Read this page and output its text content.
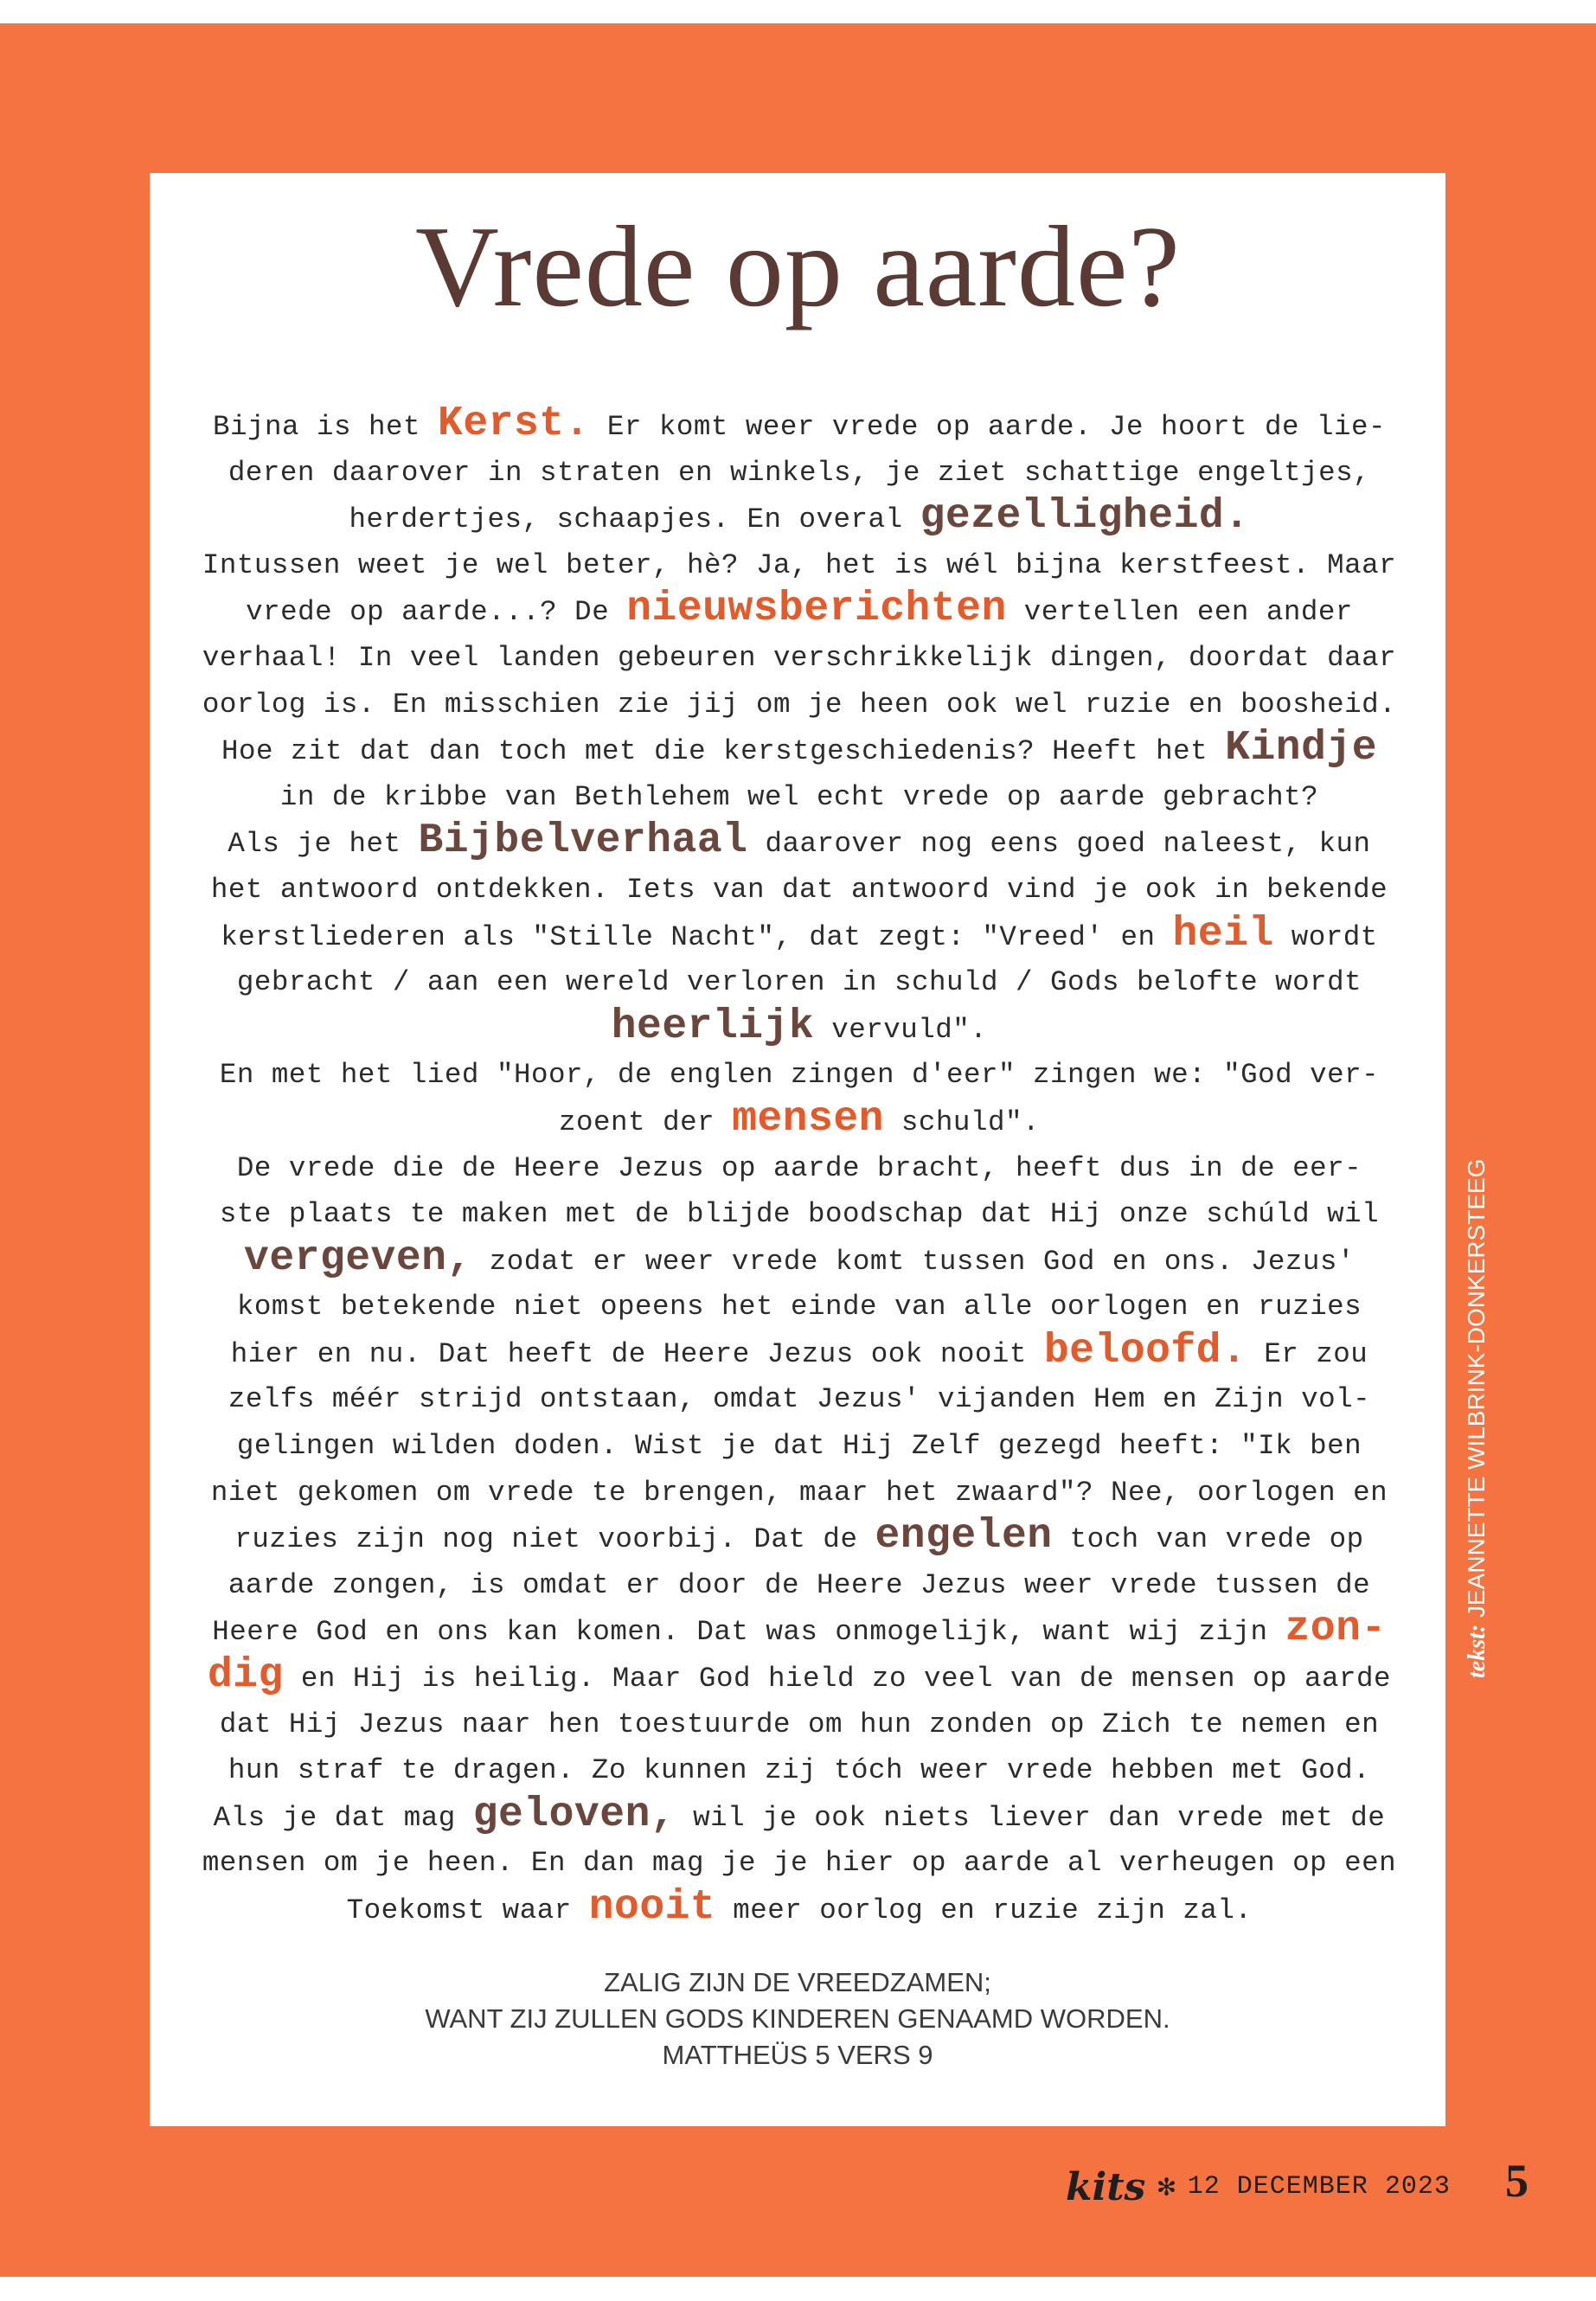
Vrede op aarde?
Bijna is het Kerst. Er komt weer vrede op aarde. Je hoort de lie-
deren daarover in straten en winkels, je ziet schattige engeltjes,
herdertjes, schaapjes. En overal gezelligheid.
Intussen weet je wel beter, hè? Ja, het is wél bijna kerstfeest. Maar
vrede op aarde...? De nieuwsberichten vertellen een ander
verhaal! In veel landen gebeuren verschrikkelijk dingen, doordat daar
oorlog is. En misschien zie jij om je heen ook wel ruzie en boosheid.
Hoe zit dat dan toch met die kerstgeschiedenis? Heeft het Kindje
in de kribbe van Bethlehem wel echt vrede op aarde gebracht?
Als je het Bijbelverhaal daarover nog eens goed naleest, kun
het antwoord ontdekken. Iets van dat antwoord vind je ook in bekende
kerstliederen als "Stille Nacht", dat zegt: "Vreed' en heil wordt
gebracht / aan een wereld verloren in schuld / Gods belofte wordt
heerlijk vervuld".
En met het lied "Hoor, de englen zingen d'eer" zingen we: "God ver-
zoent der mensen schuld".
De vrede die de Heere Jezus op aarde bracht, heeft dus in de eer-
ste plaats te maken met de blijde boodschap dat Hij onze schúld wil
vergeven, zodat er weer vrede komt tussen God en ons. Jezus'
komst betekende niet opeens het einde van alle oorlogen en ruzies
hier en nu. Dat heeft de Heere Jezus ook nooit beloofd. Er zou
zelfs méér strijd ontstaan, omdat Jezus' vijanden Hem en Zijn vol-
gelingen wilden doden. Wist je dat Hij Zelf gezegd heeft: "Ik ben
niet gekomen om vrede te brengen, maar het zwaard"? Nee, oorlogen en
ruzies zijn nog niet voorbij. Dat de engelen toch van vrede op
aarde zongen, is omdat er door de Heere Jezus weer vrede tussen de
Heere God en ons kan komen. Dat was onmogelijk, want wij zijn zon-
dig en Hij is heilig. Maar God hield zo veel van de mensen op aarde
dat Hij Jezus naar hen toestuurde om hun zonden op Zich te nemen en
hun straf te dragen. Zo kunnen zij tóch weer vrede hebben met God.
Als je dat mag geloven, wil je ook niets liever dan vrede met de
mensen om je heen. En dan mag je je hier op aarde al verheugen op een
Toekomst waar nooit meer oorlog en ruzie zijn zal.
ZALIG ZIJN DE VREEDZAMEN;
WANT ZIJ ZULLEN GODS KINDEREN GENAAMD WORDEN.
MATTHEÜS 5 VERS 9
tekst: JEANNETTE WILBRINK-DONKERSTEEG
kits ✻ 12 DECEMBER 2023 5
